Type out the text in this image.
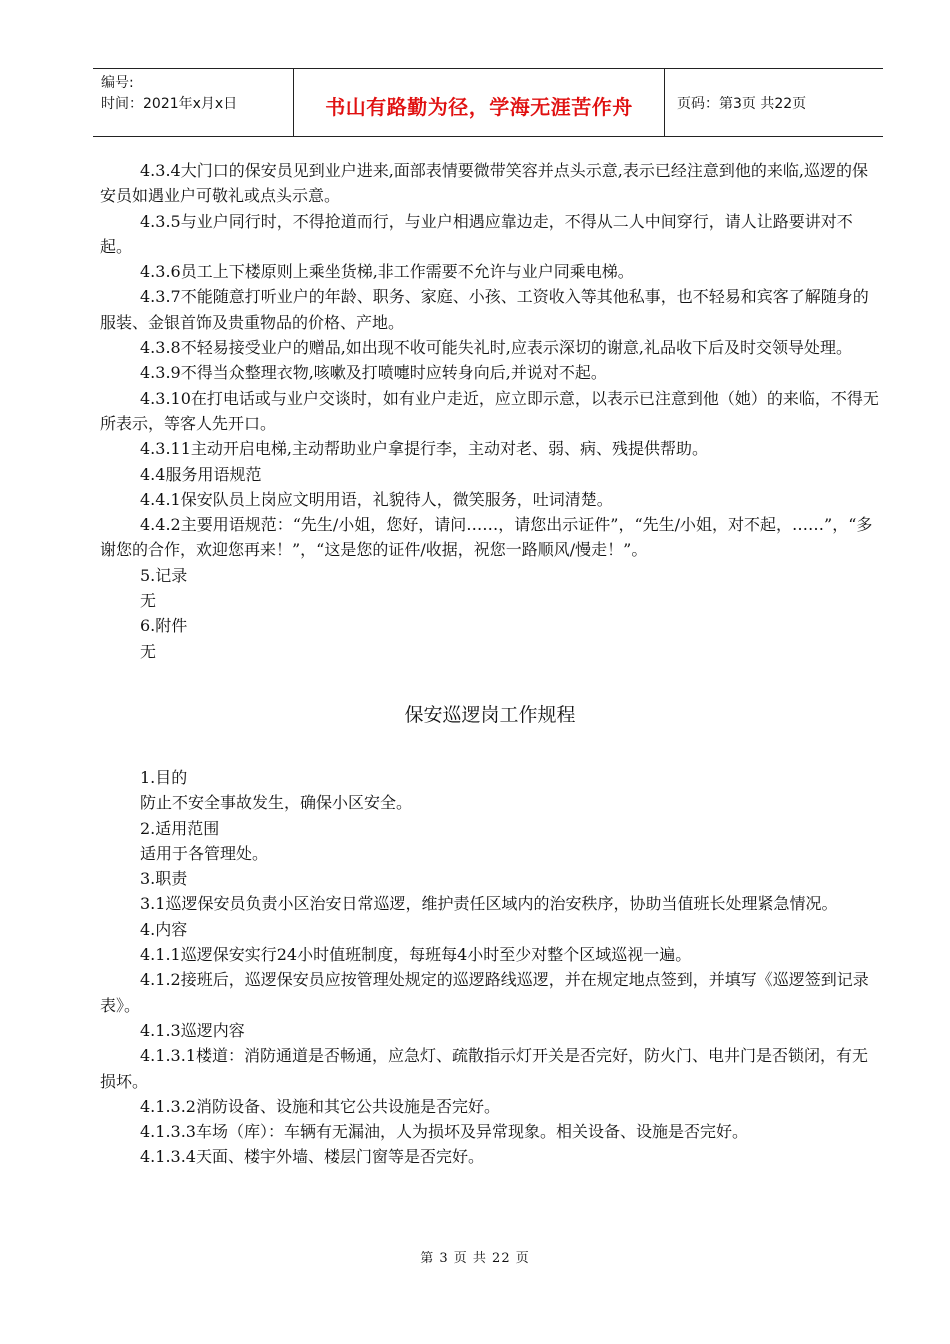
编号:
时间：2021年x月x日	书山有路勤为径，学海无涯苦作舟	页码：第3页 共22页

4.3.4大门口的保安员见到业户进来,面部表情要微带笑容并点头示意,表示已经注意到他的来临,巡逻的保安员如遇业户可敬礼或点头示意。

4.3.5与业户同行时，不得抢道而行，与业户相遇应靠边走，不得从二人中间穿行，请人让路要讲对不起。

4.3.6员工上下楼原则上乘坐货梯,非工作需要不允许与业户同乘电梯。

4.3.7不能随意打听业户的年龄、职务、家庭、小孩、工资收入等其他私事，也不轻易和宾客了解随身的服装、金银首饰及贵重物品的价格、产地。

4.3.8不轻易接受业户的赠品,如出现不收可能失礼时,应表示深切的谢意,礼品收下后及时交领导处理。

4.3.9不得当众整理衣物,咳嗽及打喷嚏时应转身向后,并说对不起。

4.3.10在打电话或与业户交谈时，如有业户走近，应立即示意，以表示已注意到他（她）的来临，不得无所表示，等客人先开口。

4.3.11主动开启电梯,主动帮助业户拿提行李，主动对老、弱、病、残提供帮助。

4.4服务用语规范

4.4.1保安队员上岗应文明用语，礼貌待人，微笑服务，吐词清楚。

4.4.2主要用语规范：“先生/小姐，您好，请问……，请您出示证件”，“先生/小姐，对不起，……”，“多谢您的合作，欢迎您再来！”，“这是您的证件/收据，祝您一路顺风/慢走！”。

5.记录

无

6.附件

无

保安巡逻岗工作规程

1.目的

防止不安全事故发生，确保小区安全。

2.适用范围

适用于各管理处。

3.职责

3.1巡逻保安员负责小区治安日常巡逻，维护责任区域内的治安秩序，协助当值班长处理紧急情况。

4.内容

4.1.1巡逻保安实行24小时值班制度，每班每4小时至少对整个区域巡视一遍。

4.1.2接班后，巡逻保安员应按管理处规定的巡逻路线巡逻，并在规定地点签到，并填写《巡逻签到记录表》。

4.1.3巡逻内容

4.1.3.1楼道：消防通道是否畅通，应急灯、疏散指示灯开关是否完好，防火门、电井门是否锁闭，有无损坏。

4.1.3.2消防设备、设施和其它公共设施是否完好。

4.1.3.3车场（库）：车辆有无漏油，人为损坏及异常现象。相关设备、设施是否完好。

4.1.3.4天面、楼宇外墙、楼层门窗等是否完好。

第 3 页 共 22 页
